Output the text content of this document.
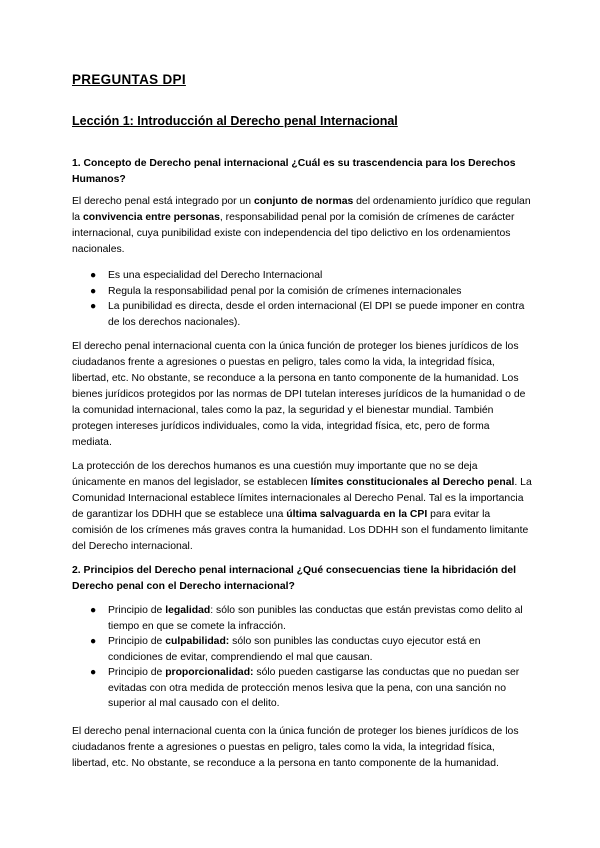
PREGUNTAS DPI
Lección 1: Introducción al Derecho penal Internacional

1. Concepto de Derecho penal internacional ¿Cuál es su trascendencia para los Derechos Humanos?

El derecho penal está integrado por un conjunto de normas del ordenamiento jurídico que regulan la convivencia entre personas, responsabilidad penal por la comisión de crímenes de carácter internacional, cuya punibilidad existe con independencia del tipo delictivo en los ordenamientos nacionales.

● Es una especialidad del Derecho Internacional
● Regula la responsabilidad penal por la comisión de crímenes internacionales
● La punibilidad es directa, desde el orden internacional (El DPI se puede imponer en contra de los derechos nacionales).

El derecho penal internacional cuenta con la única función de proteger los bienes jurídicos de los ciudadanos frente a agresiones o puestas en peligro, tales como la vida, la integridad física, libertad, etc. No obstante, se reconduce a la persona en tanto componente de la humanidad. Los bienes jurídicos protegidos por las normas de DPI tutelan intereses jurídicos de la humanidad o de la comunidad internacional, tales como la paz, la seguridad y el bienestar mundial. También protegen intereses jurídicos individuales, como la vida, integridad física, etc, pero de forma mediata.

La protección de los derechos humanos es una cuestión muy importante que no se deja únicamente en manos del legislador, se establecen límites constitucionales al Derecho penal. La Comunidad Internacional establece límites internacionales al Derecho Penal. Tal es la importancia de garantizar los DDHH que se establece una última salvaguarda en la CPI para evitar la comisión de los crímenes más graves contra la humanidad. Los DDHH son el fundamento limitante del Derecho internacional.

2. Principios del Derecho penal internacional ¿Qué consecuencias tiene la hibridación del Derecho penal con el Derecho internacional?

● Principio de legalidad: sólo son punibles las conductas que están previstas como delito al tiempo en que se comete la infracción.
● Principio de culpabilidad: sólo son punibles las conductas cuyo ejecutor está en condiciones de evitar, comprendiendo el mal que causan.
● Principio de proporcionalidad: sólo pueden castigarse las conductas que no puedan ser evitadas con otra medida de protección menos lesiva que la pena, con una sanción no superior al mal causado con el delito.

El derecho penal internacional cuenta con la única función de proteger los bienes jurídicos de los ciudadanos frente a agresiones o puestas en peligro, tales como la vida, la integridad física, libertad, etc. No obstante, se reconduce a la persona en tanto componente de la humanidad.
